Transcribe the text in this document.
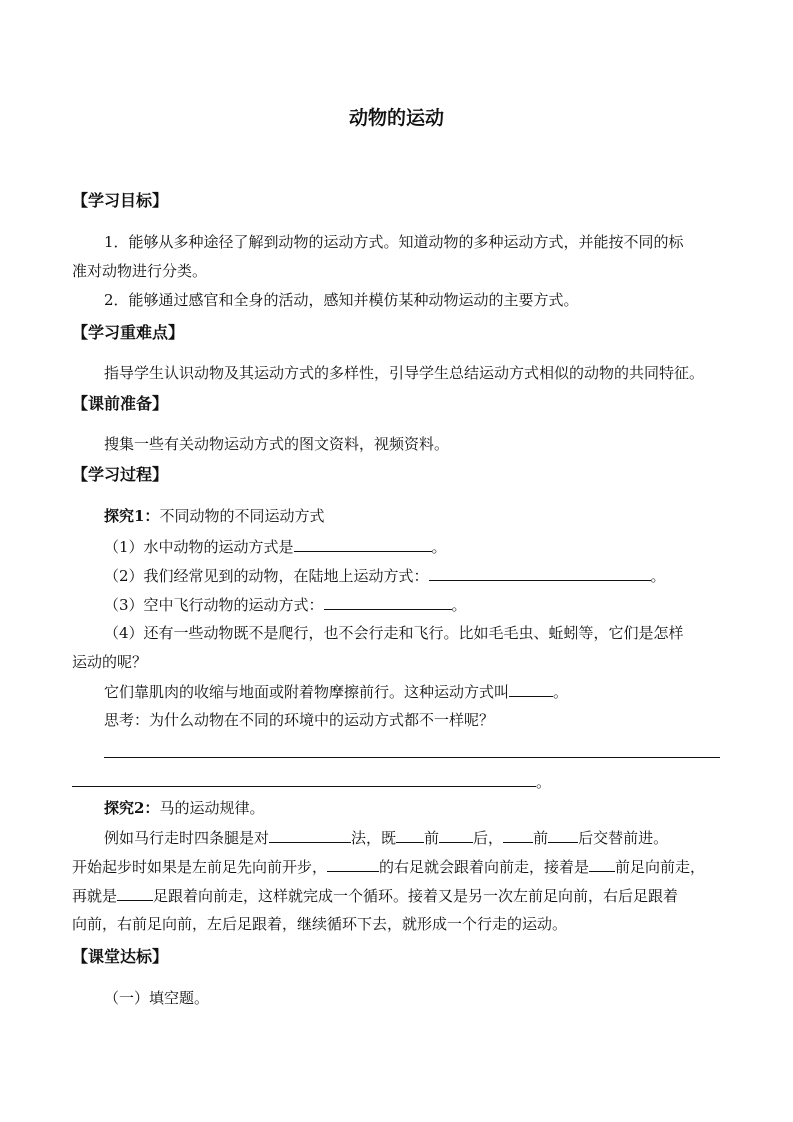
动物的运动
【学习目标】
1．能够从多种途径了解到动物的运动方式。知道动物的多种运动方式，并能按不同的标
准对动物进行分类。
2．能够通过感官和全身的活动，感知并模仿某种动物运动的主要方式。
【学习重难点】
指导学生认识动物及其运动方式的多样性，引导学生总结运动方式相似的动物的共同特征。
【课前准备】
搜集一些有关动物运动方式的图文资料，视频资料。
【学习过程】
探究1：不同动物的不同运动方式
（1）水中动物的运动方式是	。
（2）我们经常见到的动物，在陆地上运动方式：	。
（3）空中飞行动物的运动方式：	。
（4）还有一些动物既不是爬行，也不会行走和飞行。比如毛毛虫、蚯蚓等，它们是怎样
运动的呢？
它们靠肌肉的收缩与地面或附着物摩擦前行。这种运动方式叫	。
思考：为什么动物在不同的环境中的运动方式都不一样呢？
。
探究2：马的运动规律。
例如马行走时四条腿是对	法，既 前 后， 前 后交替前进。
开始起步时如果是左前足先向前开步，	的右足就会跟着向前走，接着是 前足向前走，
再就是 足跟着向前走，这样就完成一个循环。接着又是另一次左前足向前，右后足跟着
向前，右前足向前，左后足跟着，继续循环下去，就形成一个行走的运动。
【课堂达标】
（一）填空题。
